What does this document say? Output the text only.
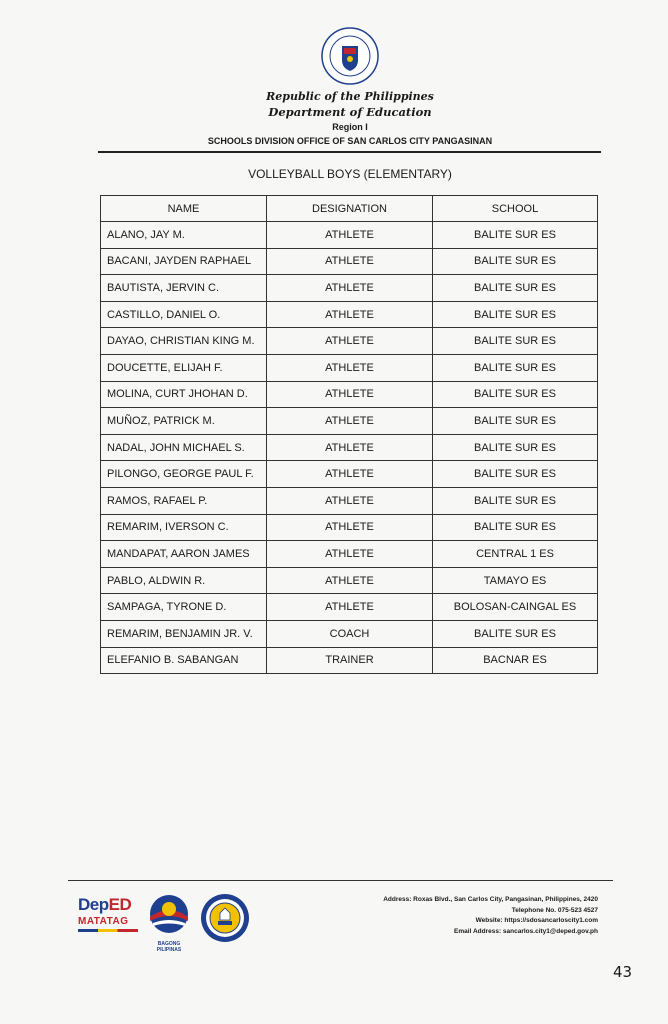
Republic of the Philippines
Department of Education
Region I
SCHOOLS DIVISION OFFICE OF SAN CARLOS CITY PANGASINAN
VOLLEYBALL BOYS (ELEMENTARY)
NAME	DESIGNATION	SCHOOL
ALANO, JAY M.	ATHLETE	BALITE SUR ES
BACANI, JAYDEN RAPHAEL	ATHLETE	BALITE SUR ES
BAUTISTA, JERVIN C.	ATHLETE	BALITE SUR ES
CASTILLO, DANIEL O.	ATHLETE	BALITE SUR ES
DAYAO, CHRISTIAN KING M.	ATHLETE	BALITE SUR ES
DOUCETTE, ELIJAH F.	ATHLETE	BALITE SUR ES
MOLINA, CURT JHOHAN D.	ATHLETE	BALITE SUR ES
MUÑOZ, PATRICK M.	ATHLETE	BALITE SUR ES
NADAL, JOHN MICHAEL S.	ATHLETE	BALITE SUR ES
PILONGO, GEORGE PAUL F.	ATHLETE	BALITE SUR ES
RAMOS, RAFAEL P.	ATHLETE	BALITE SUR ES
REMARIM, IVERSON C.	ATHLETE	BALITE SUR ES
MANDAPAT, AARON JAMES	ATHLETE	CENTRAL 1 ES
PABLO, ALDWIN R.	ATHLETE	TAMAYO ES
SAMPAGA, TYRONE D.	ATHLETE	BOLOSAN-CAINGAL ES
REMARIM, BENJAMIN JR. V.	COACH	BALITE SUR ES
ELEFANIO B. SABANGAN	TRAINER	BACNAR ES
DepED
MATATAG
BAGONG PILIPINAS
Address: Roxas Blvd., San Carlos City, Pangasinan, Philippines, 2420
Telephone No. 075-523 4527
Website: https://sdosancarloscity1.com
Email Address: sancarlos.city1@deped.gov.ph
43
